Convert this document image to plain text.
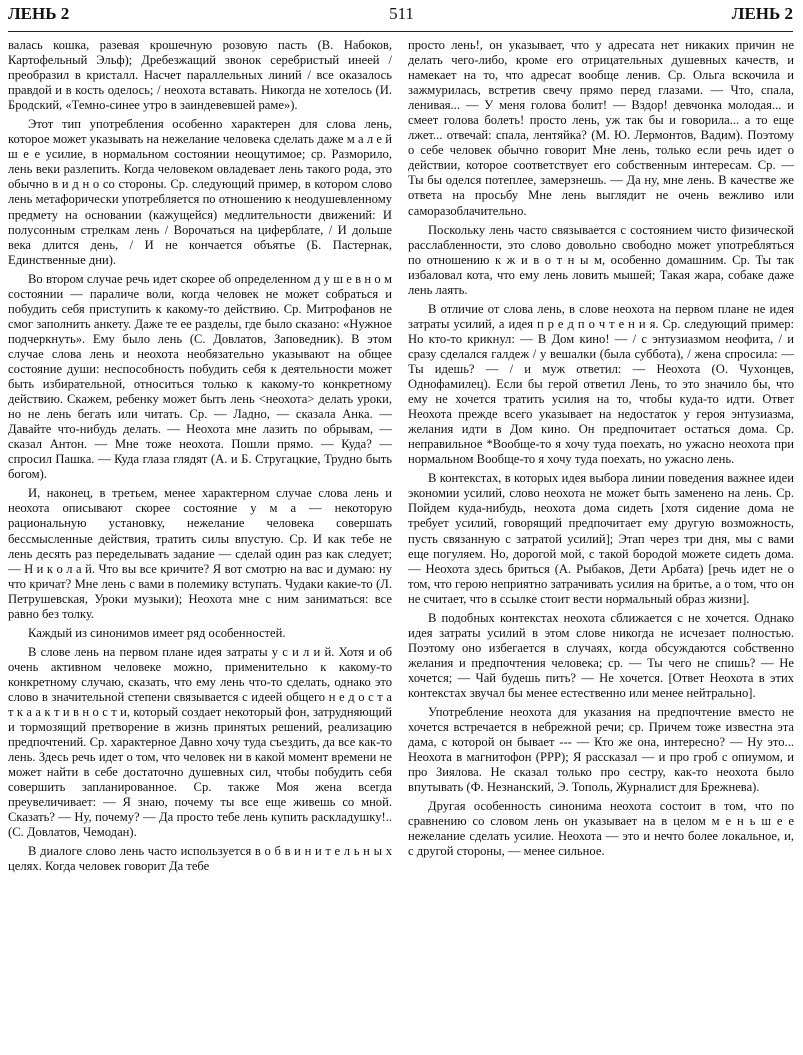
ЛЕНЬ 2	511	ЛЕНЬ 2

валась кошка, разевая крошечную розовую пасть (В. Набоков, Картофельный Эльф); Дребезжащий звонок серебристый инеей / преобразил в кристалл. Насчет параллельных линий / все оказалось правдой и в кость оделось; / неохота вставать. Никогда не хотелось (И. Бродский, «Темно-синее утро в заиндевевшей раме»).

Этот тип употребления особенно характерен для слова лень, которое может указывать на нежелание человека сделать даже м а л е й ш е е усилие, в нормальном состоянии неощутимое; ср. Разморило, лень веки разлепить. Когда человеком овладевает лень такого рода, это обычно в и д н о со стороны. Ср. следующий пример, в котором слово лень метафорически употребляется по отношению к неодушевленному предмету на основании (кажущейся) медлительности движений: И полусонным стрелкам лень / Ворочаться на циферблате, / И дольше века длится день, / И не кончается объятье (Б. Пастернак, Единственные дни).

Во втором случае речь идет скорее об определенном д у ш е в н о м состоянии — параличе воли, когда человек не может собраться и побудить себя приступить к какому-то действию. Ср. Митрофанов не смог заполнить анкету. Даже те ее разделы, где было сказано: «Нужное подчеркнуть». Ему было лень (С. Довлатов, Заповедник). В этом случае слова лень и неохота необязательно указывают на общее состояние души: неспособность побудить себя к деятельности может быть избирательной, относиться только к какому-то конкретному действию. Скажем, ребенку может быть лень <неохота> делать уроки, но не лень бегать или читать. Ср. — Ладно, — сказала Анка. — Давайте что-нибудь делать. — Неохота мне лазить по обрывам, — сказал Антон. — Мне тоже неохота. Пошли прямо. — Куда? — спросил Пашка. — Куда глаза глядят (А. и Б. Стругацкие, Трудно быть богом).

И, наконец, в третьем, менее характерном случае слова лень и неохота описывают скорее состояние у м а — некоторую рациональную установку, нежелание человека совершать бессмысленные действия, тратить силы впустую. Ср. И как тебе не лень десять раз переделывать задание — сделай один раз как следует; — Н и к о л а й. Что вы все кричите? Я вот смотрю на вас и думаю: ну что кричат? Мне лень с вами в полемику вступать. Чудаки какие-то (Л. Петрушевская, Уроки музыки); Неохота мне с ним заниматься: все равно без толку.

Каждый из синонимов имеет ряд особенностей.

В слове лень на первом плане идея затраты у с и л и й. Хотя и об очень активном человеке можно, применительно к какому-то конкретному случаю, сказать, что ему лень что-то сделать, однако это слово в значительной степени связывается с идеей общего н е д о с т а т к а а к т и в н о с т и, который создает некоторый фон, затрудняющий и тормозящий претворение в жизнь принятых решений, реализацию предпочтений. Ср. характерное Давно хочу туда съездить, да все как-то лень. Здесь речь идет о том, что человек ни в какой момент времени не может найти в себе достаточно душевных сил, чтобы побудить себя совершить запланированное. Ср. также Моя жена всегда преувеличивает: — Я знаю, почему ты все еще живешь со мной. Сказать? — Ну, почему? — Да просто тебе лень купить раскладушку!.. (С. Довлатов, Чемодан).

В диалоге слово лень часто используется в о б в и н и т е л ь н ы х целях. Когда человек говорит Да тебе

просто лень!, он указывает, что у адресата нет никаких причин не делать чего-либо, кроме его отрицательных душевных качеств, и намекает на то, что адресат вообще ленив. Ср. Ольга вскочила и зажмурилась, встретив свечу прямо перед глазами. — Что, спала, ленивая... — У меня голова болит! — Вздор! девчонка молодая... и смеет голова болеть! просто лень, уж так бы и говорила... а то еще лжет... отвечай: спала, лентяйка? (М. Ю. Лермонтов, Вадим). Поэтому о себе человек обычно говорит Мне лень, только если речь идет о действии, которое соответствует его собственным интересам. Ср. — Ты бы оделся потеплее, замерзнешь. — Да ну, мне лень. В качестве же ответа на просьбу Мне лень выглядит не очень вежливо или саморазоблачительно.

Поскольку лень часто связывается с состоянием чисто физической расслабленности, это слово довольно свободно может употребляться по отношению к ж и в о т н ы м, особенно домашним. Ср. Ты так избаловал кота, что ему лень ловить мышей; Такая жара, собаке даже лень лаять.

В отличие от слова лень, в слове неохота на первом плане не идея затраты усилий, а идея п р е д п о ч т е н и я. Ср. следующий пример: Но кто-то крикнул: — В Дом кино! — / с энтузиазмом неофита, / и сразу сделался галдеж / у вешалки (была суббота), / жена спросила: — Ты идешь? — / и муж ответил: — Неохота (О. Чухонцев, Однофамилец). Если бы герой ответил Лень, то это значило бы, что ему не хочется тратить усилия на то, чтобы куда-то идти. Ответ Неохота прежде всего указывает на недостаток у героя энтузиазма, желания идти в Дом кино. Он предпочитает остаться дома. Ср. неправильное *Вообще-то я хочу туда поехать, но ужасно неохота при нормальном Вообще-то я хочу туда поехать, но ужасно лень.

В контекстах, в которых идея выбора линии поведения важнее идеи экономии усилий, слово неохота не может быть заменено на лень. Ср. Пойдем куда-нибудь, неохота дома сидеть [хотя сидение дома не требует усилий, говорящий предпочитает ему другую возможность, пусть связанную с затратой усилий]; Этап через три дня, мы с вами еще погуляем. Но, дорогой мой, с такой бородой можете сидеть дома. — Неохота здесь бриться (А. Рыбаков, Дети Арбата) [речь идет не о том, что герою неприятно затрачивать усилия на бритье, а о том, что он не считает, что в ссылке стоит вести нормальный образ жизни].

В подобных контекстах неохота сближается с не хочется. Однако идея затраты усилий в этом слове никогда не исчезает полностью. Поэтому оно избегается в случаях, когда обсуждаются собственно желания и предпочтения человека; ср. — Ты чего не спишь? — Не хочется; — Чай будешь пить? — Не хочется. [Ответ Неохота в этих контекстах звучал бы менее естественно или менее нейтрально].

Употребление неохота для указания на предпочтение вместо не хочется встречается в небрежной речи; ср. Причем тоже известна эта дама, с которой он бывает --- — Кто же она, интересно? — Ну это... Неохота в магнитофон (РРР); Я рассказал — и про гроб с опиумом, и про Зиялова. Не сказал только про сестру, как-то неохота было впутывать (Ф. Незнанский, Э. Тополь, Журналист для Брежнева).

Другая особенность синонима неохота состоит в том, что по сравнению со словом лень он указывает на в целом м е н ь ш е е нежелание сделать усилие. Неохота — это и нечто более локальное, и, с другой стороны, — менее сильное.
